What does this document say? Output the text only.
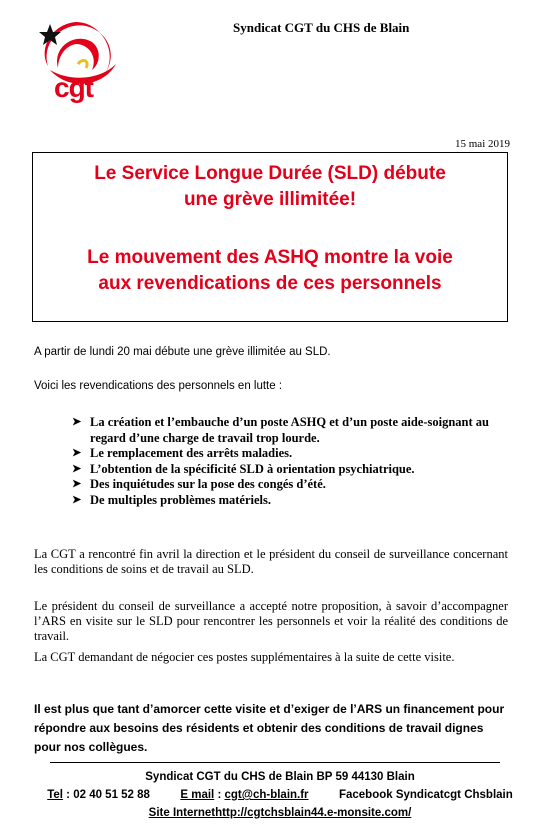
cgt
Syndicat CGT du CHS de Blain
15 mai 2019
Le Service Longue Durée (SLD) débute
une grève illimitée!
Le mouvement des ASHQ montre la voie
aux revendications de ces personnels
A partir de lundi 20 mai débute une grève illimitée au SLD.
Voici les revendications des personnels en lutte :
➤ La création et l’embauche d’un poste ASHQ et d’un poste aide-soignant au regard d’une charge de travail trop lourde.
➤ Le remplacement des arrêts maladies.
➤ L’obtention de la spécificité SLD à orientation psychiatrique.
➤ Des inquiétudes sur la pose des congés d’été.
➤ De multiples problèmes matériels.
La CGT a rencontré fin avril la direction et le président du conseil de surveillance concernant les conditions de soins et de travail au SLD.
Le président du conseil de surveillance a accepté notre proposition, à savoir d’accompagner l’ARS en visite sur le SLD pour rencontrer les personnels et voir la réalité des conditions de travail.
La CGT demandant de négocier ces postes supplémentaires à la suite de cette visite.
Il est plus que tant d’amorcer cette visite et d’exiger de l’ARS un financement pour répondre aux besoins des résidents et obtenir des conditions de travail dignes pour nos collègues.
Syndicat CGT du CHS de Blain BP 59 44130 Blain
Tel : 02 40 51 52 88	E mail : cgt@ch-blain.fr	Facebook Syndicatcgt Chsblain
Site Internethttp://cgtchsblain44.e-monsite.com/
